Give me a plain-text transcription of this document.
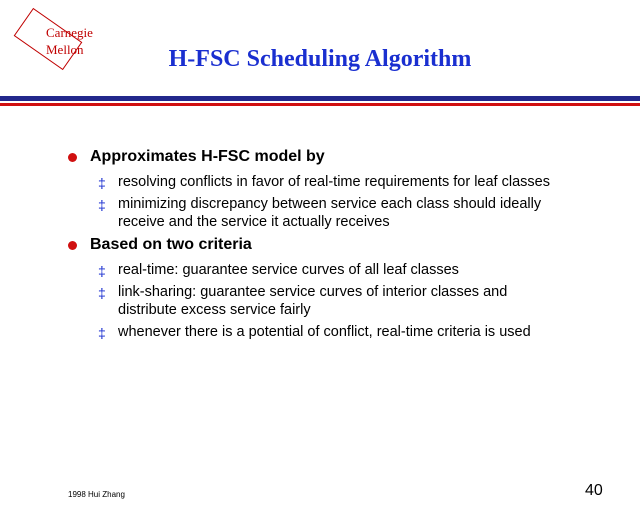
Carnegie
Mellon	H-FSC Scheduling Algorithm
Approximates H-FSC model by
‡ resolving conflicts in favor of real-time requirements for leaf classes
‡ minimizing discrepancy between service each class should ideally receive and the service it actually receives
Based on two criteria
‡ real-time: guarantee service curves of all leaf classes
‡ link-sharing: guarantee service curves of interior classes and distribute excess service fairly
‡ whenever there is a potential of conflict, real-time criteria is used
1998 Hui Zhang	40
